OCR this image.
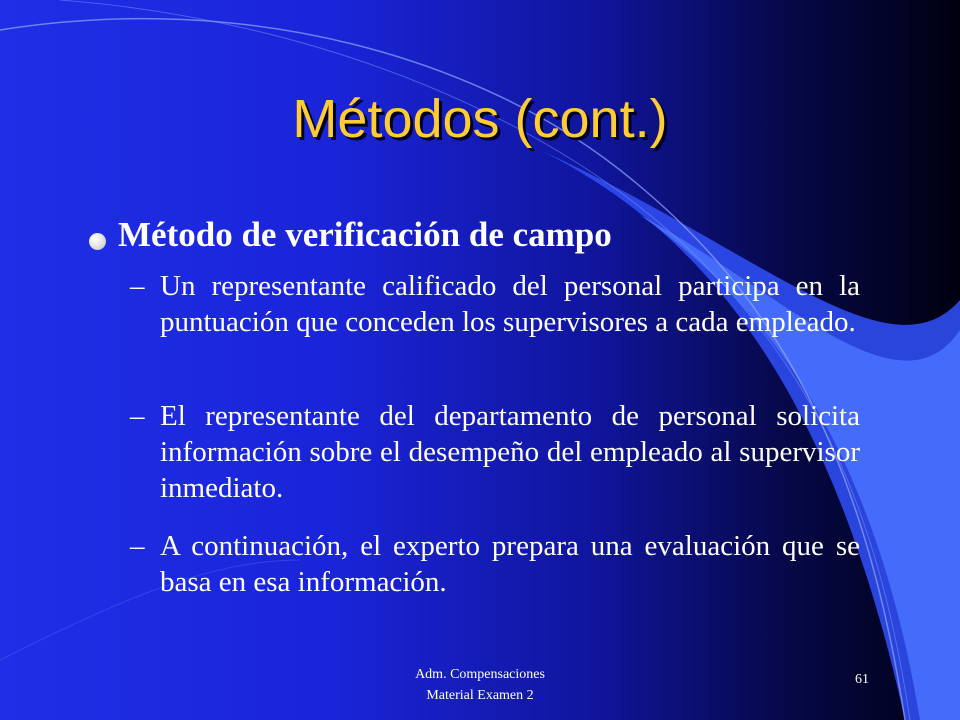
Métodos (cont.)
Método de verificación de campo
– Un representante calificado del personal participa en la puntuación que conceden los supervisores a cada empleado.
– El representante del departamento de personal solicita información sobre el desempeño del empleado al supervisor inmediato.
– A continuación, el experto prepara una evaluación que se basa en esa información.
Adm. Compensaciones
Material Examen 2
61
